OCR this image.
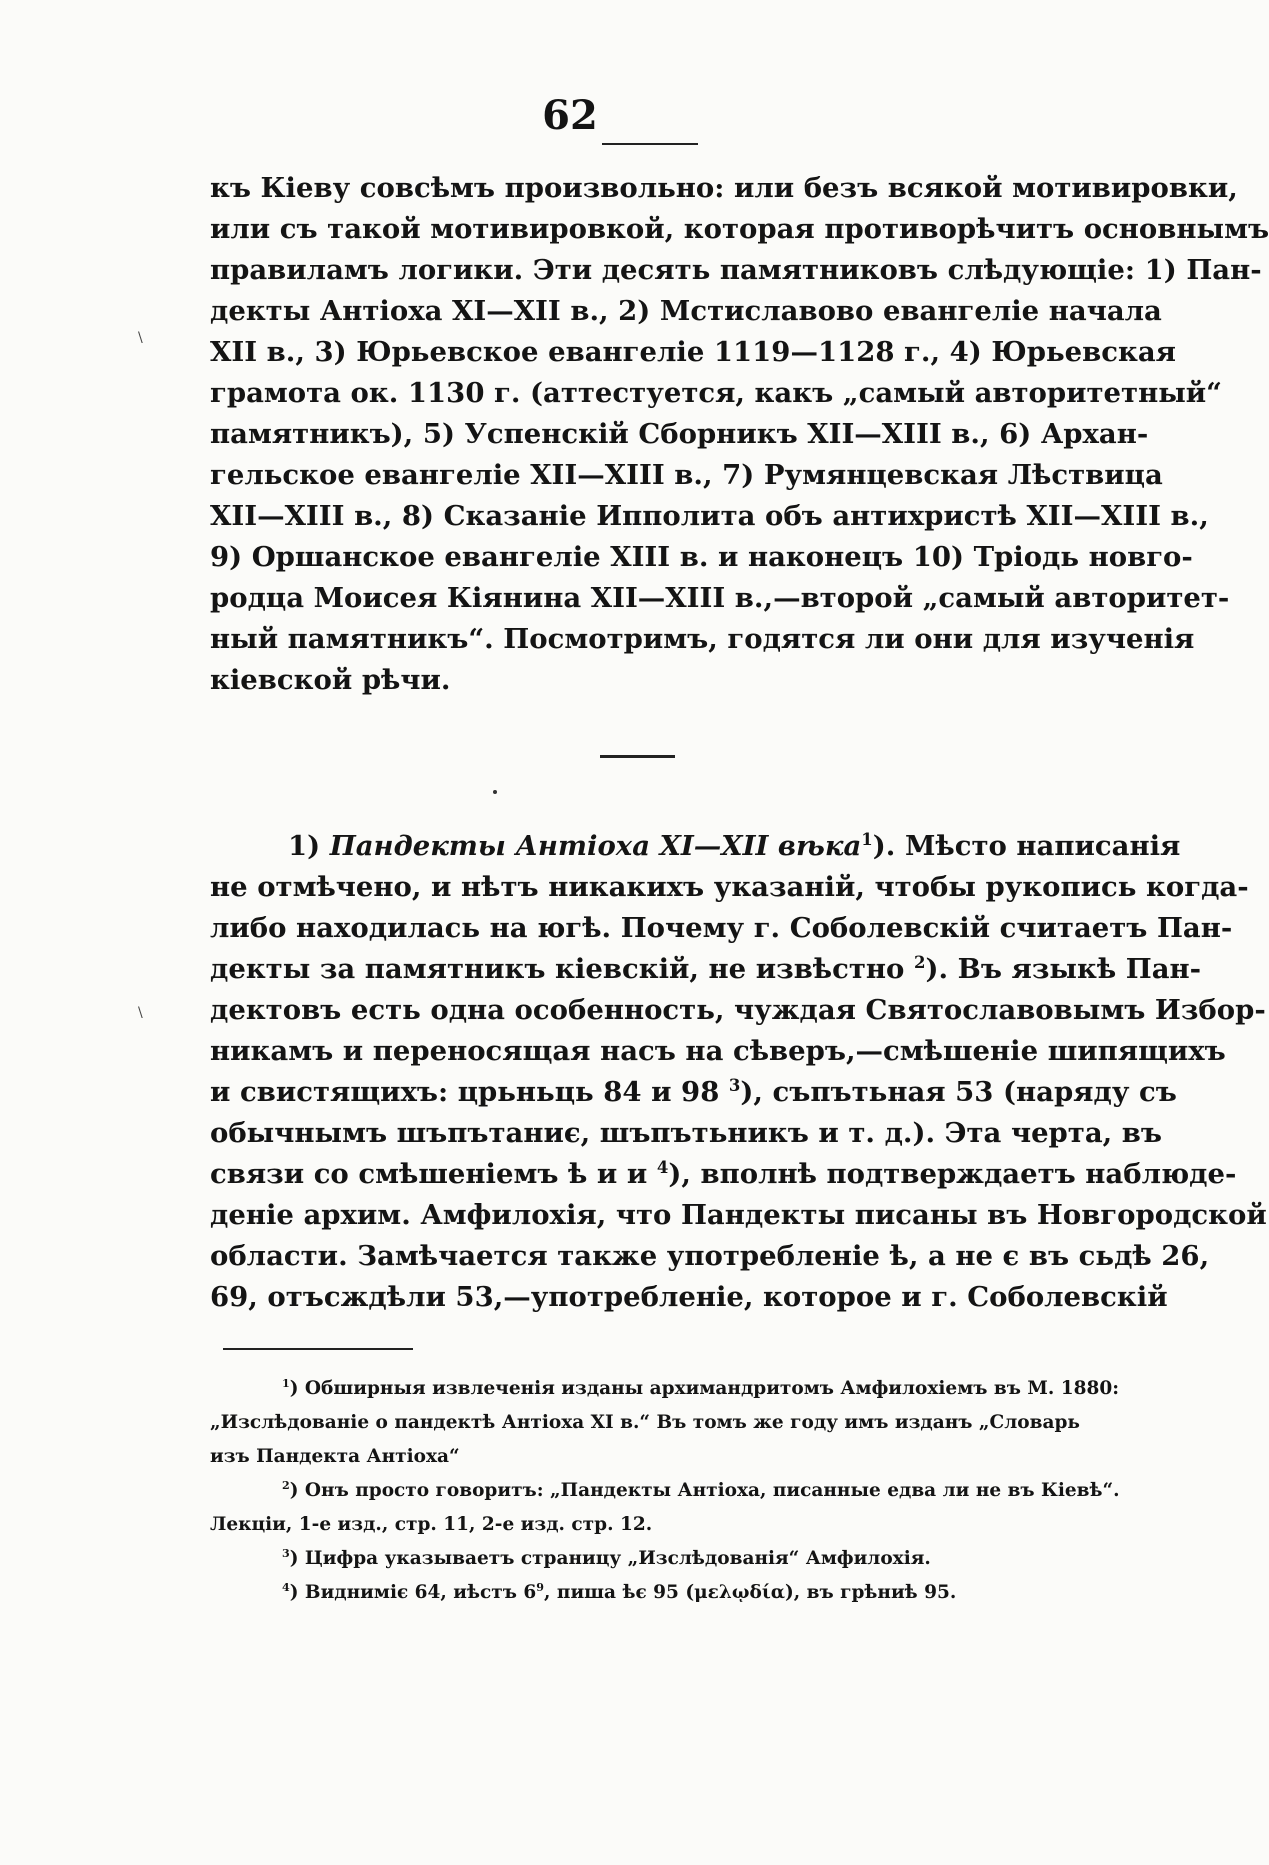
62
къ Кіеву совсѣмъ произвольно: или безъ всякой мотивировки,
или съ такой мотивировкой, которая противорѣчитъ основнымъ
правиламъ логики. Эти десять памятниковъ слѣдующіе: 1) Пан-
декты Антіоха XI—XII в., 2) Мстиславово евангеліе начала
XII в., 3) Юрьевское евангеліе 1119—1128 г., 4) Юрьевская
грамота ок. 1130 г. (аттестуется, какъ „самый авторитетный“
памятникъ), 5) Успенскій Сборникъ XII—XIII в., 6) Архан-
гельское евангеліе XII—XIII в., 7) Румянцевская Лѣствица
XII—XIII в., 8) Сказаніе Ипполита объ антихристѣ XII—XIII в.,
9) Оршанское евангеліе XIII в. и наконецъ 10) Тріодь новго-
родца Моисея Кіянина XII—XIII в.,—второй „самый авторитет-
ный памятникъ“. Посмотримъ, годятся ли они для изученія
кіевской рѣчи.
1) Пандекты Антіоха XI—XII вѣка$^1$). Мѣсто написанія
не отмѣчено, и нѣтъ никакихъ указаній, чтобы рукопись когда-
либо находилась на югѣ. Почему г. Соболевскій считаетъ Пан-
декты за памятникъ кіевскій, не извѣстно $^2$). Въ языкѣ Пан-
дектовъ есть одна особенность, чуждая Святославовымъ Избор-
никамъ и переносящая насъ на сѣверъ,—смѣшеніе шипящихъ
и свистящихъ: црьньць 84 и 98 $^3$), съпътьная 53 (наряду съ
обычнымъ шъпътаниє, шъпътьникъ и т. д.). Эта черта, въ
связи со смѣшеніемъ ѣ и и $^4$), вполнѣ подтверждаетъ наблюде-
деніе архим. Амфилохія, что Пандекты писаны въ Новгородской
области. Замѣчается также употребленіе ѣ, а не є въ сьдѣ 26,
69, отъсждѣли 53,—употребленіе, которое и г. Соболевскій
$^1$) Обширныя извлеченія изданы архимандритомъ Амфилохіемъ въ М. 1880:
„Изслѣдованіе о пандектѣ Антіоха XI в.“ Въ томъ же году имъ изданъ „Словарь
изъ Пандекта Антіоха“
$^2$) Онъ просто говоритъ: „Пандекты Антіоха, писанные едва ли не въ Кіевѣ“.
Лекціи, 1-е изд., стр. 11, 2-е изд. стр. 12.
$^3$) Цифра указываетъ страницу „Изслѣдованія“ Амфилохія.
$^4$) Видниміє 64, иѣстъ $6^9$, пиша ѣє 95 (μελῳδία), въ грѣниѣ 95.
\
\
